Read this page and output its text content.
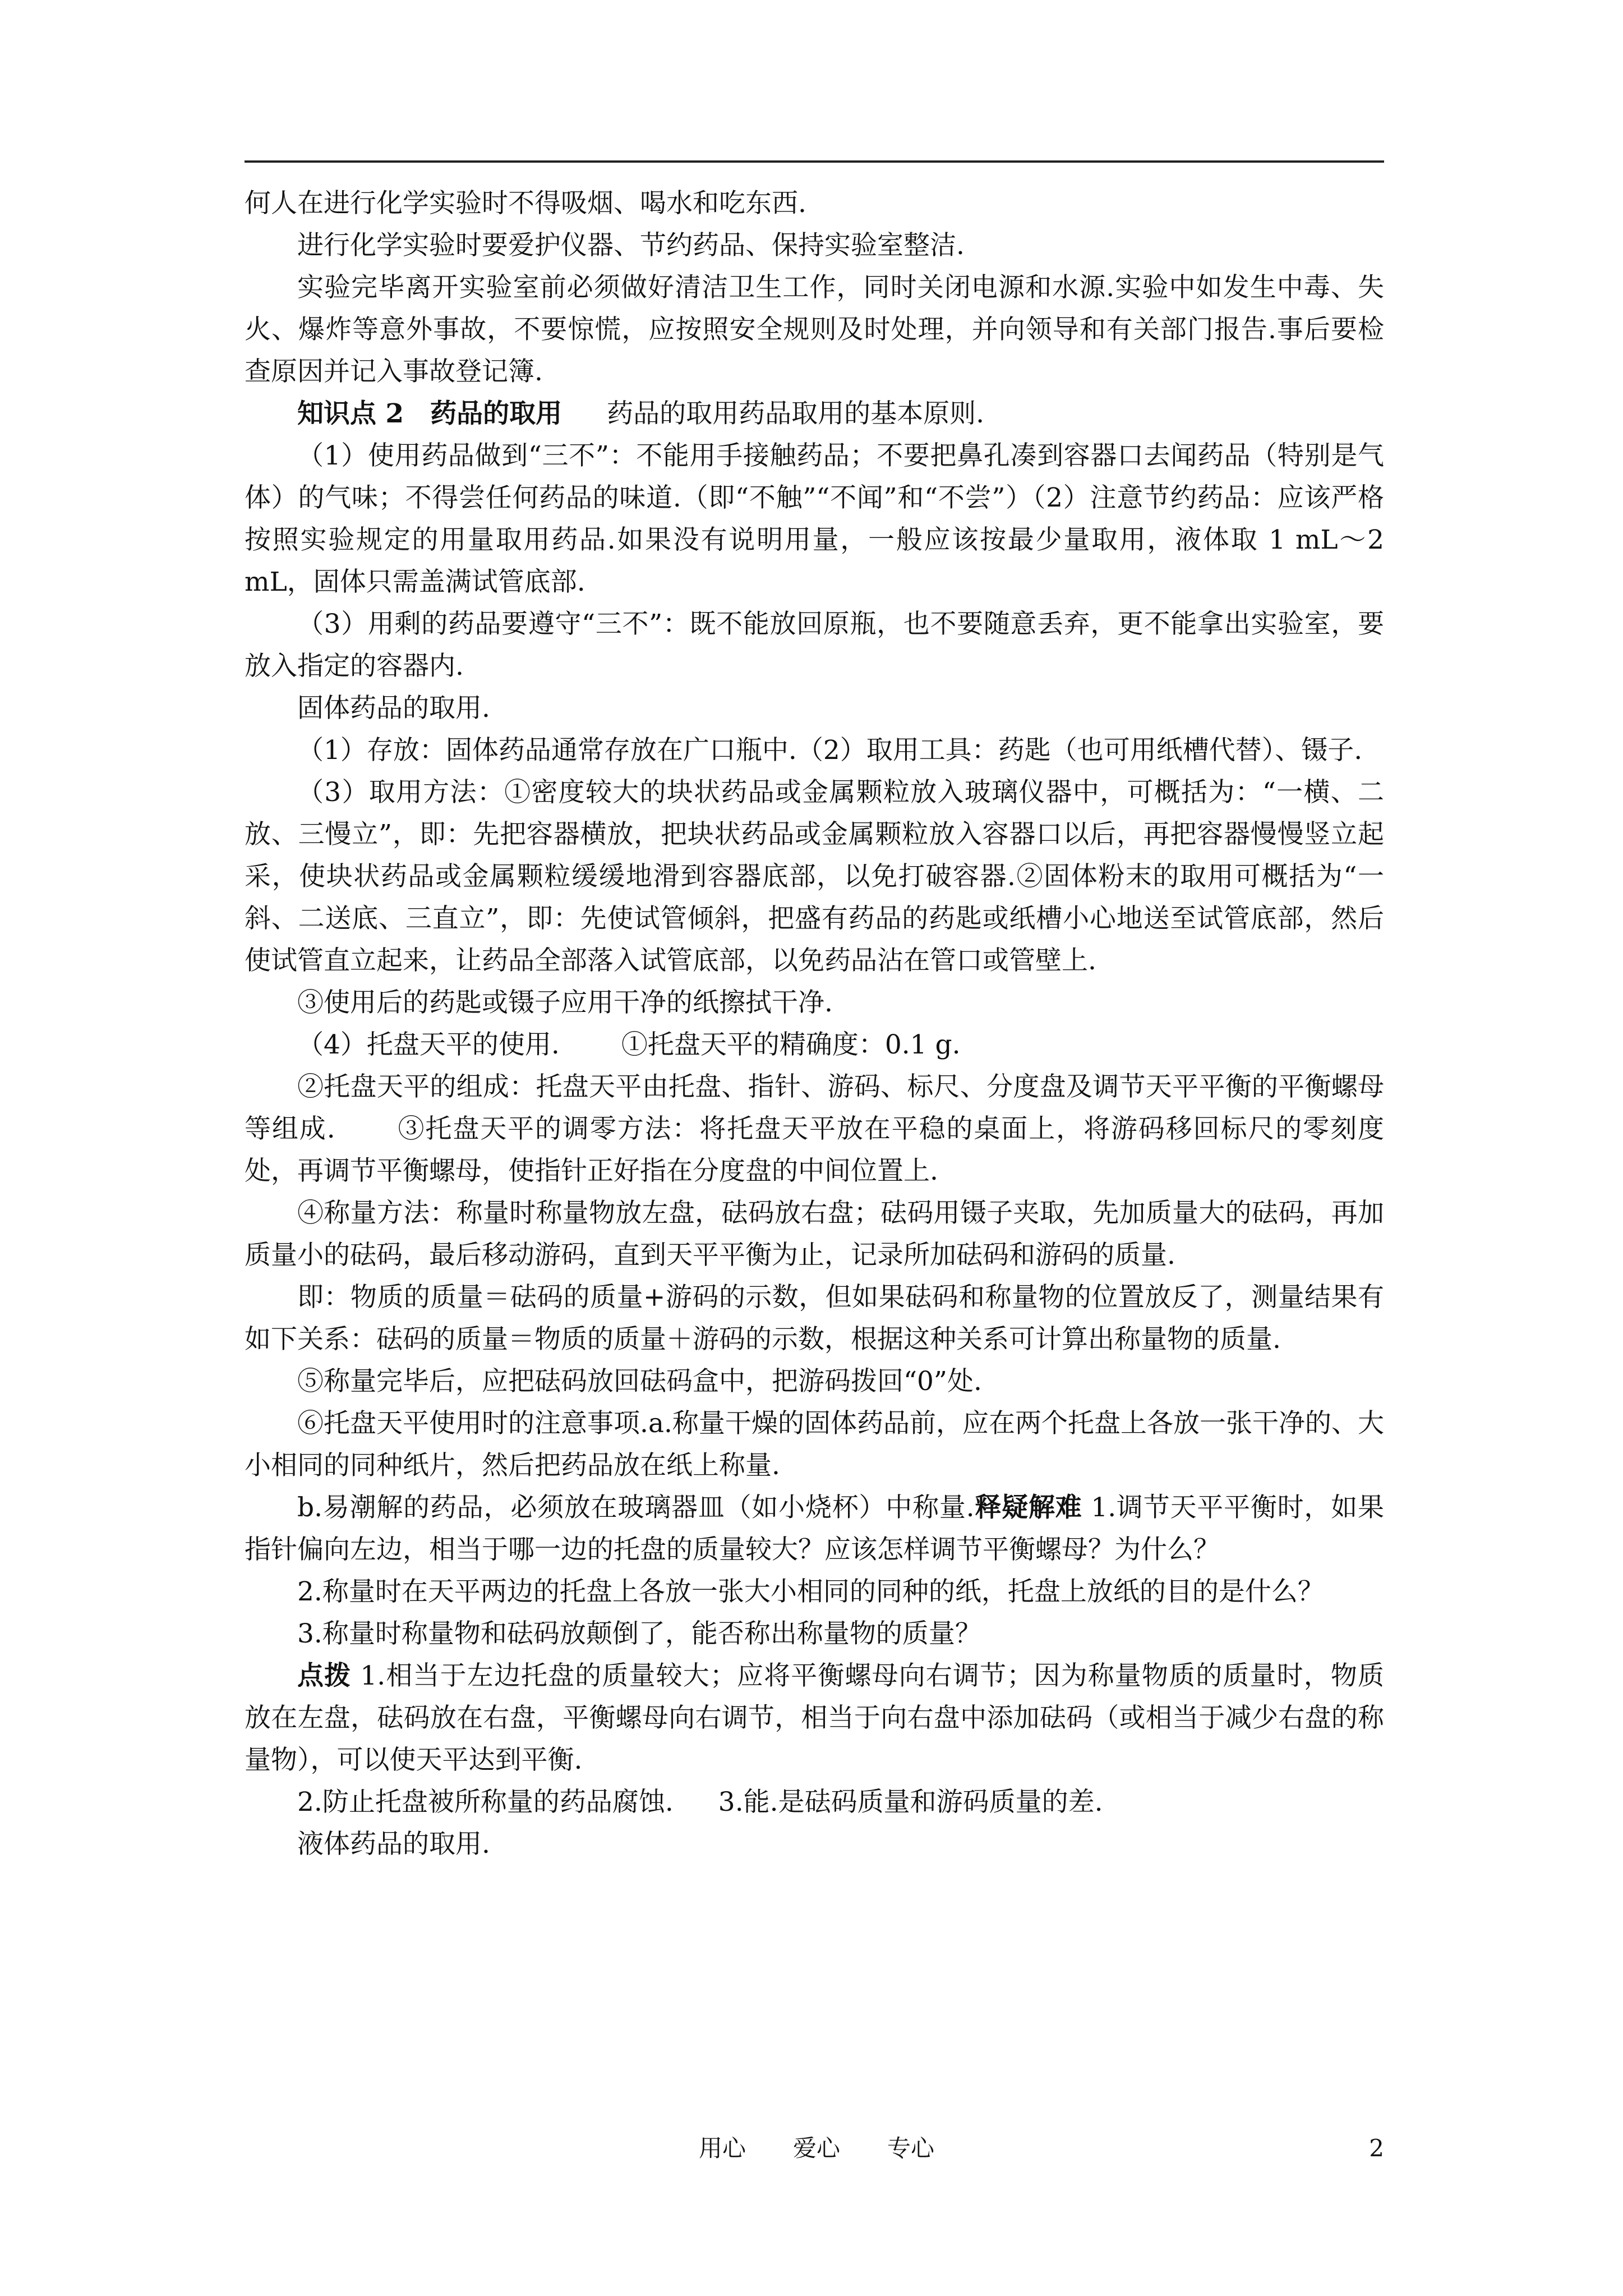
何人在进行化学实验时不得吸烟、喝水和吃东西.

进行化学实验时要爱护仪器、节约药品、保持实验室整洁.

实验完毕离开实验室前必须做好清洁卫生工作，同时关闭电源和水源.实验中如发生中毒、失火、爆炸等意外事故，不要惊慌，应按照安全规则及时处理，并向领导和有关部门报告.事后要检查原因并记入事故登记簿.

知识点 2　药品的取用 药品的取用药品取用的基本原则.

（1）使用药品做到“三不”：不能用手接触药品；不要把鼻孔凑到容器口去闻药品（特别是气体）的气味；不得尝任何药品的味道.（即“不触”“不闻”和“不尝”）（2）注意节约药品：应该严格按照实验规定的用量取用药品.如果没有说明用量，一般应该按最少量取用，液体取 1 mL～2 mL，固体只需盖满试管底部.

（3）用剩的药品要遵守“三不”：既不能放回原瓶，也不要随意丢弃，更不能拿出实验室，要放入指定的容器内.

固体药品的取用.

（1）存放：固体药品通常存放在广口瓶中.（2）取用工具：药匙（也可用纸槽代替）、镊子.

（3）取用方法：①密度较大的块状药品或金属颗粒放入玻璃仪器中，可概括为：“一横、二放、三慢立”，即：先把容器横放，把块状药品或金属颗粒放入容器口以后，再把容器慢慢竖立起采，使块状药品或金属颗粒缓缓地滑到容器底部，以免打破容器.②固体粉末的取用可概括为“一斜、二送底、三直立”，即：先使试管倾斜，把盛有药品的药匙或纸槽小心地送至试管底部，然后使试管直立起来，让药品全部落入试管底部，以免药品沾在管口或管壁上.

③使用后的药匙或镊子应用干净的纸擦拭干净.

（4）托盘天平的使用. ①托盘天平的精确度：0.1 g.

②托盘天平的组成：托盘天平由托盘、指针、游码、标尺、分度盘及调节天平平衡的平衡螺母等组成. ③托盘天平的调零方法：将托盘天平放在平稳的桌面上，将游码移回标尺的零刻度处，再调节平衡螺母，使指针正好指在分度盘的中间位置上.

④称量方法：称量时称量物放左盘，砝码放右盘；砝码用镊子夹取，先加质量大的砝码，再加质量小的砝码，最后移动游码，直到天平平衡为止，记录所加砝码和游码的质量.

即：物质的质量＝砝码的质量+游码的示数，但如果砝码和称量物的位置放反了，测量结果有如下关系：砝码的质量＝物质的质量＋游码的示数，根据这种关系可计算出称量物的质量.

⑤称量完毕后，应把砝码放回砝码盒中，把游码拨回“0”处.

⑥托盘天平使用时的注意事项.a.称量干燥的固体药品前，应在两个托盘上各放一张干净的、大小相同的同种纸片，然后把药品放在纸上称量.

b.易潮解的药品，必须放在玻璃器皿（如小烧杯）中称量.释疑解难 1.调节天平平衡时，如果指针偏向左边，相当于哪一边的托盘的质量较大？应该怎样调节平衡螺母？为什么？

2.称量时在天平两边的托盘上各放一张大小相同的同种的纸，托盘上放纸的目的是什么？

3.称量时称量物和砝码放颠倒了，能否称出称量物的质量？

点拨 1.相当于左边托盘的质量较大；应将平衡螺母向右调节；因为称量物质的质量时，物质放在左盘，砝码放在右盘，平衡螺母向右调节，相当于向右盘中添加砝码（或相当于减少右盘的称量物），可以使天平达到平衡.

2.防止托盘被所称量的药品腐蚀. 3.能.是砝码质量和游码质量的差.

液体药品的取用.

用心 爱心 专心	2
